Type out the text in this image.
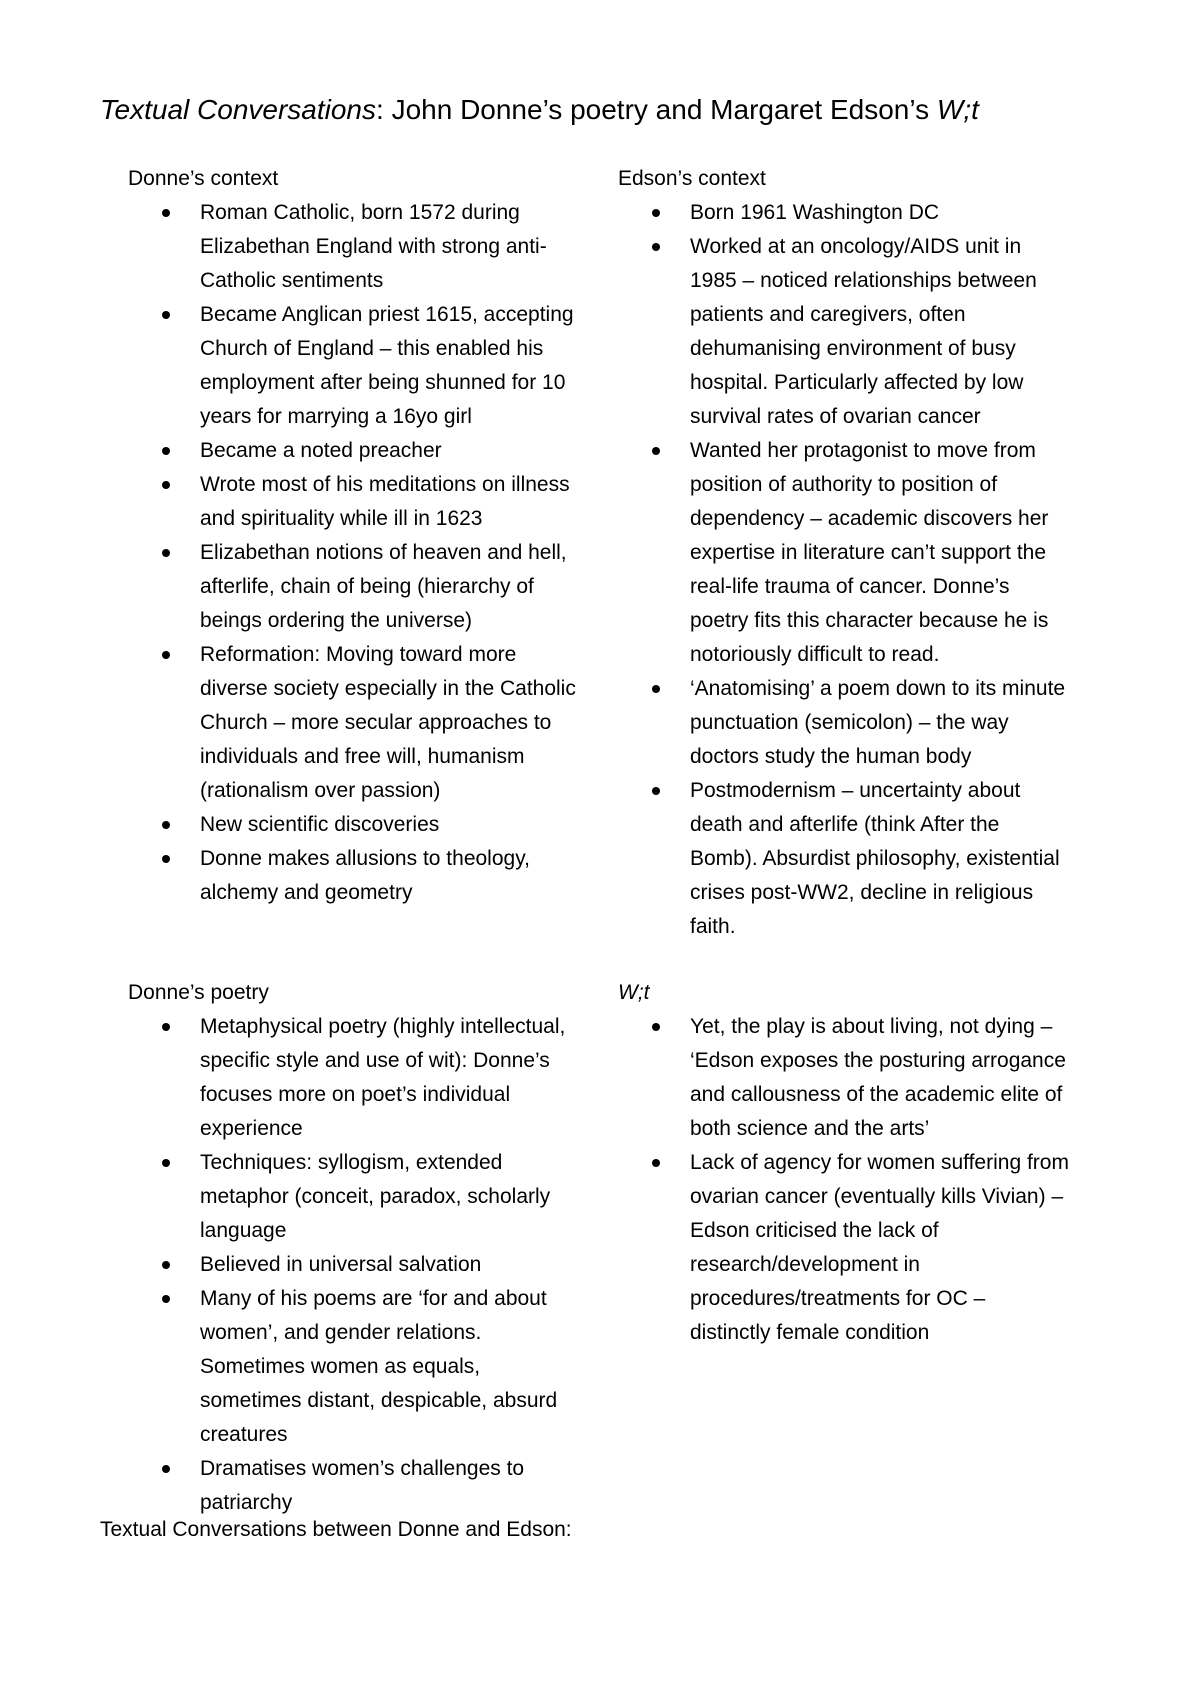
Textual Conversations: John Donne’s poetry and Margaret Edson’s W;t
Donne’s context
Roman Catholic, born 1572 during Elizabethan England with strong anti-Catholic sentiments
Became Anglican priest 1615, accepting Church of England – this enabled his employment after being shunned for 10 years for marrying a 16yo girl
Became a noted preacher
Wrote most of his meditations on illness and spirituality while ill in 1623
Elizabethan notions of heaven and hell, afterlife, chain of being (hierarchy of beings ordering the universe)
Reformation: Moving toward more diverse society especially in the Catholic Church – more secular approaches to individuals and free will, humanism (rationalism over passion)
New scientific discoveries
Donne makes allusions to theology, alchemy and geometry
Edson’s context
Born 1961 Washington DC
Worked at an oncology/AIDS unit in 1985 – noticed relationships between patients and caregivers, often dehumanising environment of busy hospital. Particularly affected by low survival rates of ovarian cancer
Wanted her protagonist to move from position of authority to position of dependency – academic discovers her expertise in literature can’t support the real-life trauma of cancer. Donne’s poetry fits this character because he is notoriously difficult to read.
‘Anatomising’ a poem down to its minute punctuation (semicolon) – the way doctors study the human body
Postmodernism – uncertainty about death and afterlife (think After the Bomb). Absurdist philosophy, existential crises post-WW2, decline in religious faith.
Donne’s poetry
Metaphysical poetry (highly intellectual, specific style and use of wit): Donne’s focuses more on poet’s individual experience
Techniques: syllogism, extended metaphor (conceit, paradox, scholarly language
Believed in universal salvation
Many of his poems are ‘for and about women’, and gender relations. Sometimes women as equals, sometimes distant, despicable, absurd creatures
Dramatises women’s challenges to patriarchy
W;t
Yet, the play is about living, not dying – ‘Edson exposes the posturing arrogance and callousness of the academic elite of both science and the arts’
Lack of agency for women suffering from ovarian cancer (eventually kills Vivian) – Edson criticised the lack of research/development in procedures/treatments for OC – distinctly female condition
Textual Conversations between Donne and Edson:
